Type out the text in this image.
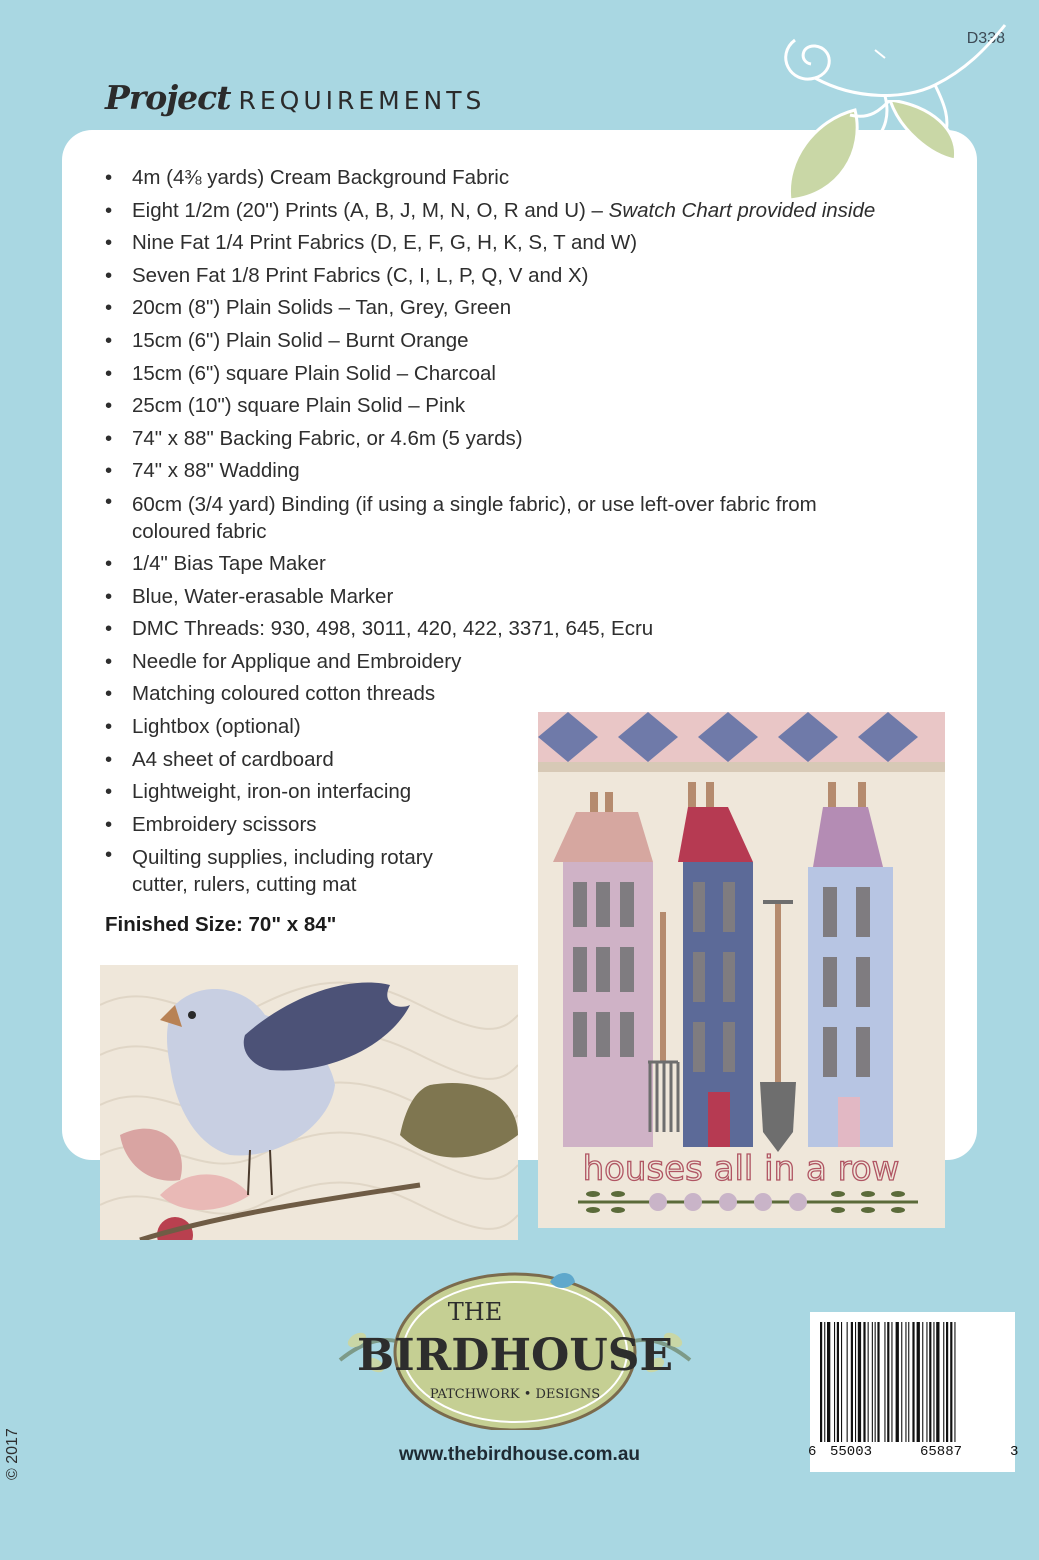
D338
Project REQUIREMENTS
• 4m (4⅜ yards) Cream Background Fabric
• Eight 1/2m (20") Prints (A, B, J, M, N, O, R and U) – Swatch Chart provided inside
• Nine Fat 1/4 Print Fabrics (D, E, F, G, H, K, S, T and W)
• Seven Fat 1/8 Print Fabrics (C, I, L, P, Q, V and X)
• 20cm (8") Plain Solids – Tan, Grey, Green
• 15cm (6") Plain Solid – Burnt Orange
• 15cm (6") square Plain Solid – Charcoal
• 25cm (10") square Plain Solid – Pink
• 74" x 88" Backing Fabric, or 4.6m (5 yards)
• 74" x 88" Wadding
• 60cm (3/4 yard) Binding (if using a single fabric), or use left-over fabric from coloured fabric
• 1/4" Bias Tape Maker
• Blue, Water-erasable Marker
• DMC Threads: 930, 498, 3011, 420, 422, 3371, 645, Ecru
• Needle for Applique and Embroidery
• Matching coloured cotton threads
• Lightbox (optional)
• A4 sheet of cardboard
• Lightweight, iron-on interfacing
• Embroidery scissors
• Quilting supplies, including rotary cutter, rulers, cutting mat
Finished Size: 70" x 84"
houses all in a row
THE
BIRDHOUSE
PATCHWORK • DESIGNS
www.thebirdhouse.com.au
© 2017	6 55003	65887	3
